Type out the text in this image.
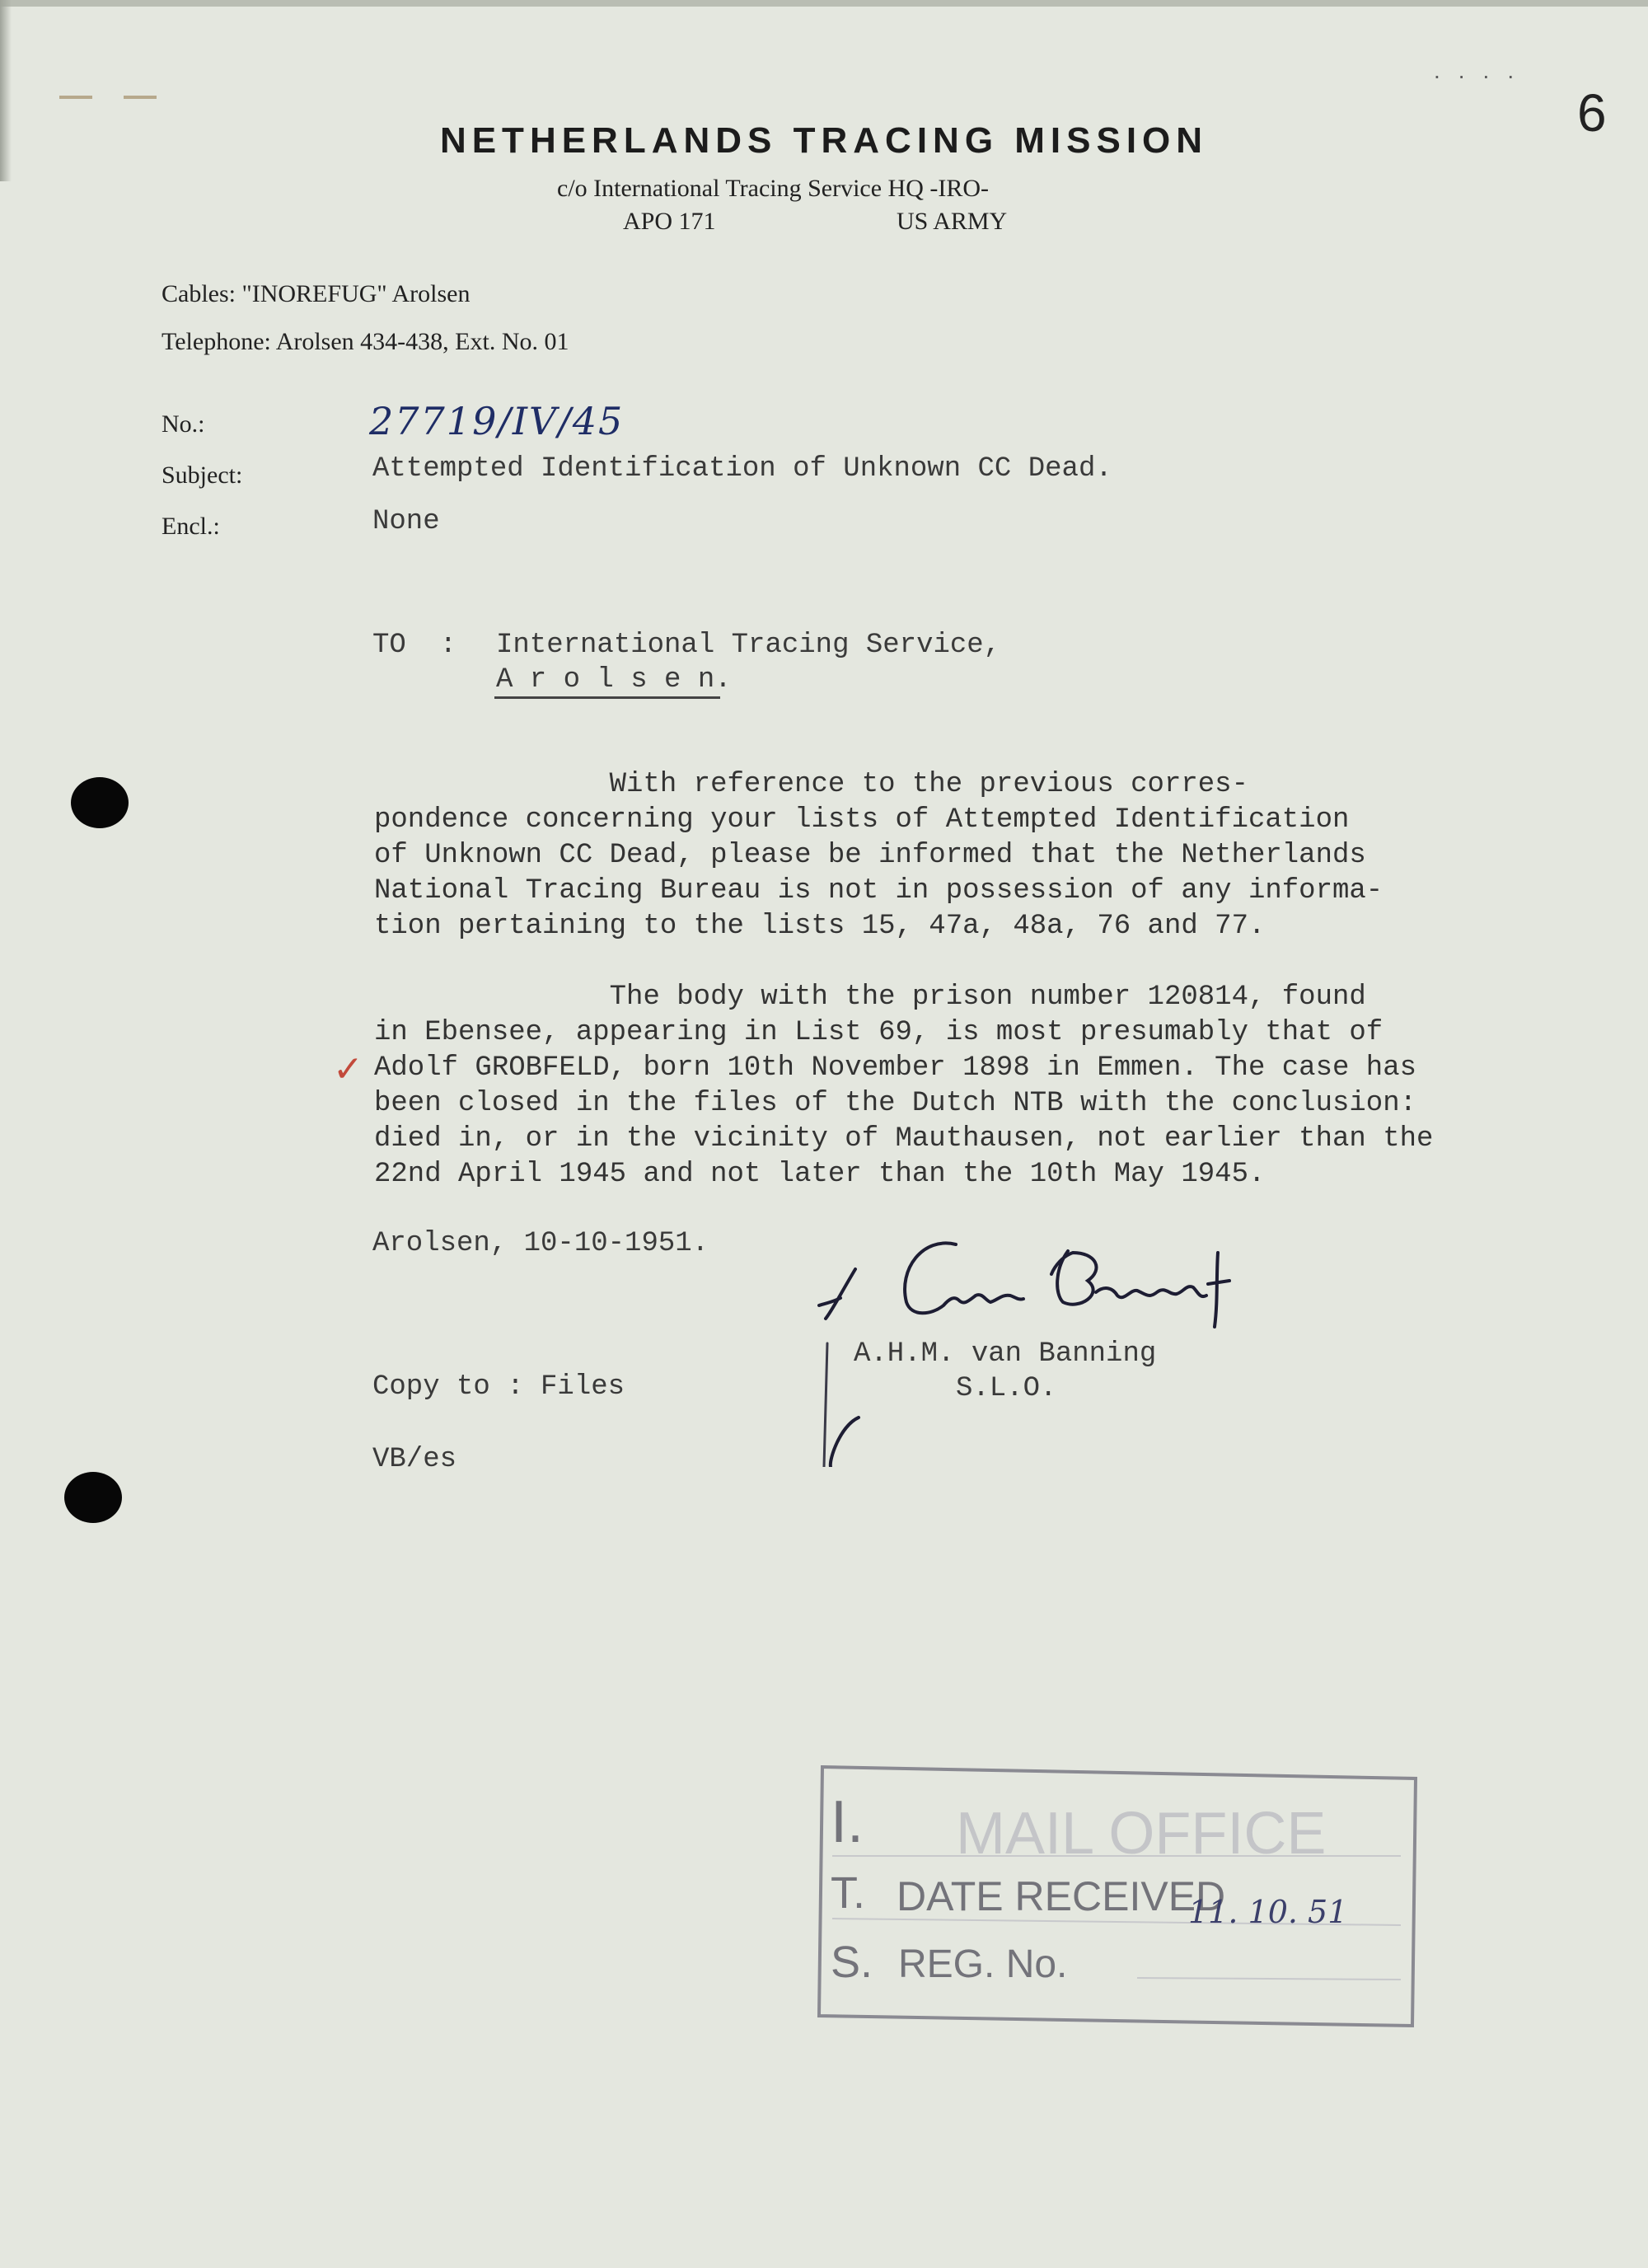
....
6
NETHERLANDS TRACING MISSION
c/o International Tracing Service HQ -IRO-
APO 171	US ARMY
Cables: "INOREFUG" Arolsen
Telephone: Arolsen 434-438, Ext. No. 01
No.:	27719/IV/45
Subject:	Attempted Identification of Unknown CC Dead.
Encl.:	None
TO  : International Tracing Service,
A r o l s e n.
With reference to the previous corres-
pondence concerning your lists of Attempted Identification
of Unknown CC Dead, please be informed that the Netherlands
National Tracing Bureau is not in possession of any informa-
tion pertaining to the lists 15, 47a, 48a, 76 and 77.
✓
The body with the prison number 120814, found
in Ebensee, appearing in List 69, is most presumably that of
Adolf GROBFELD, born 10th November 1898 in Emmen. The case has
been closed in the files of the Dutch NTB with the conclusion:
died in, or in the vicinity of Mauthausen, not earlier than the
22nd April 1945 and not later than the 10th May 1945.
Arolsen, 10-10-1951.
A.H.M. van Banning
S.L.O.
Copy to : Files
VB/es
I. MAIL OFFICE
T. DATE RECEIVED
11. 10. 51
S. REG. No.
